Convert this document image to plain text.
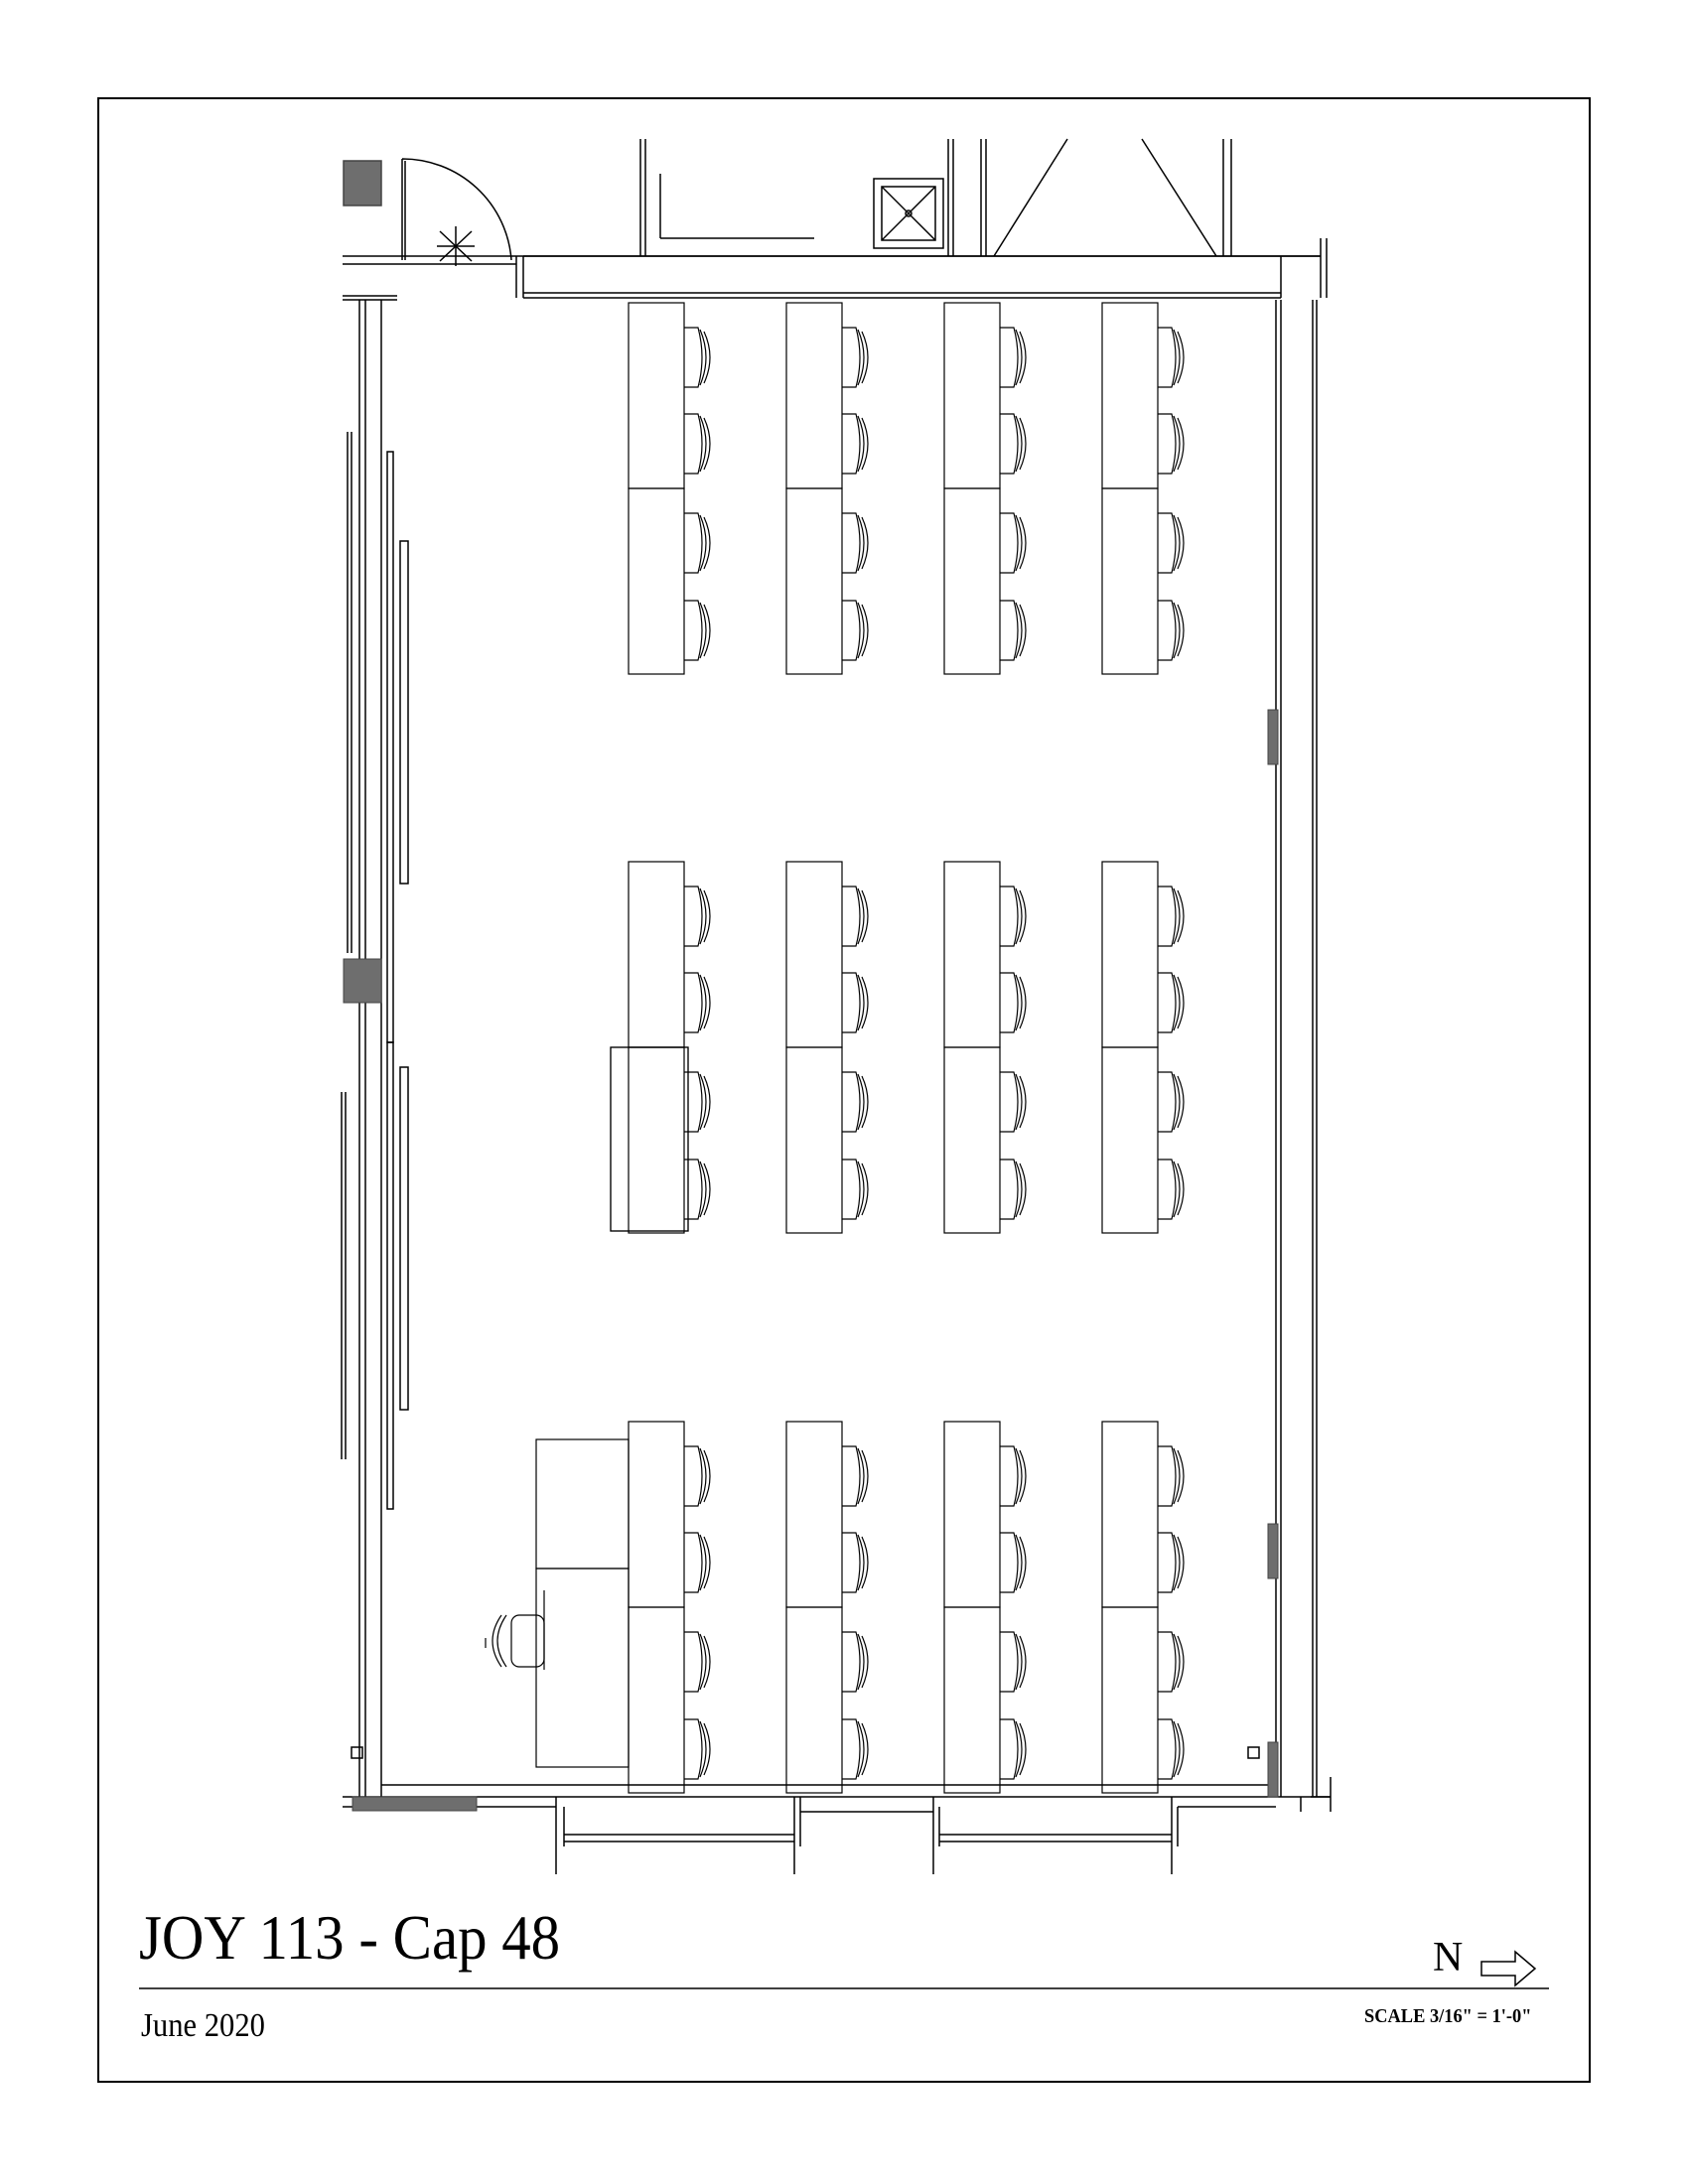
JOY 113 - Cap 48
June 2020
N
SCALE 3/16" = 1'-0"
